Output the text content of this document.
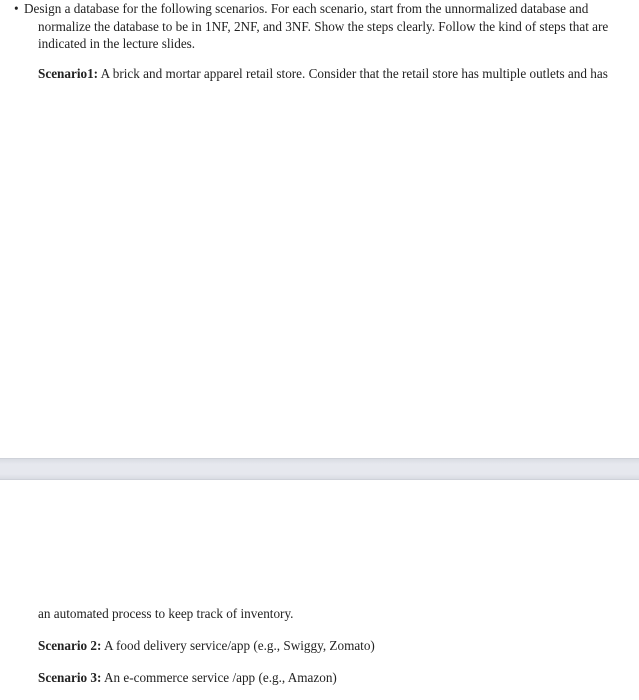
• Design a database for the following scenarios. For each scenario, start from the unnormalized database and
normalize the database to be in 1NF, 2NF, and 3NF. Show the steps clearly. Follow the kind of steps that are
indicated in the lecture slides.
Scenario1: A brick and mortar apparel retail store. Consider that the retail store has multiple outlets and has
an automated process to keep track of inventory.
Scenario 2: A food delivery service/app (e.g., Swiggy, Zomato)
Scenario 3: An e-commerce service /app (e.g., Amazon)
